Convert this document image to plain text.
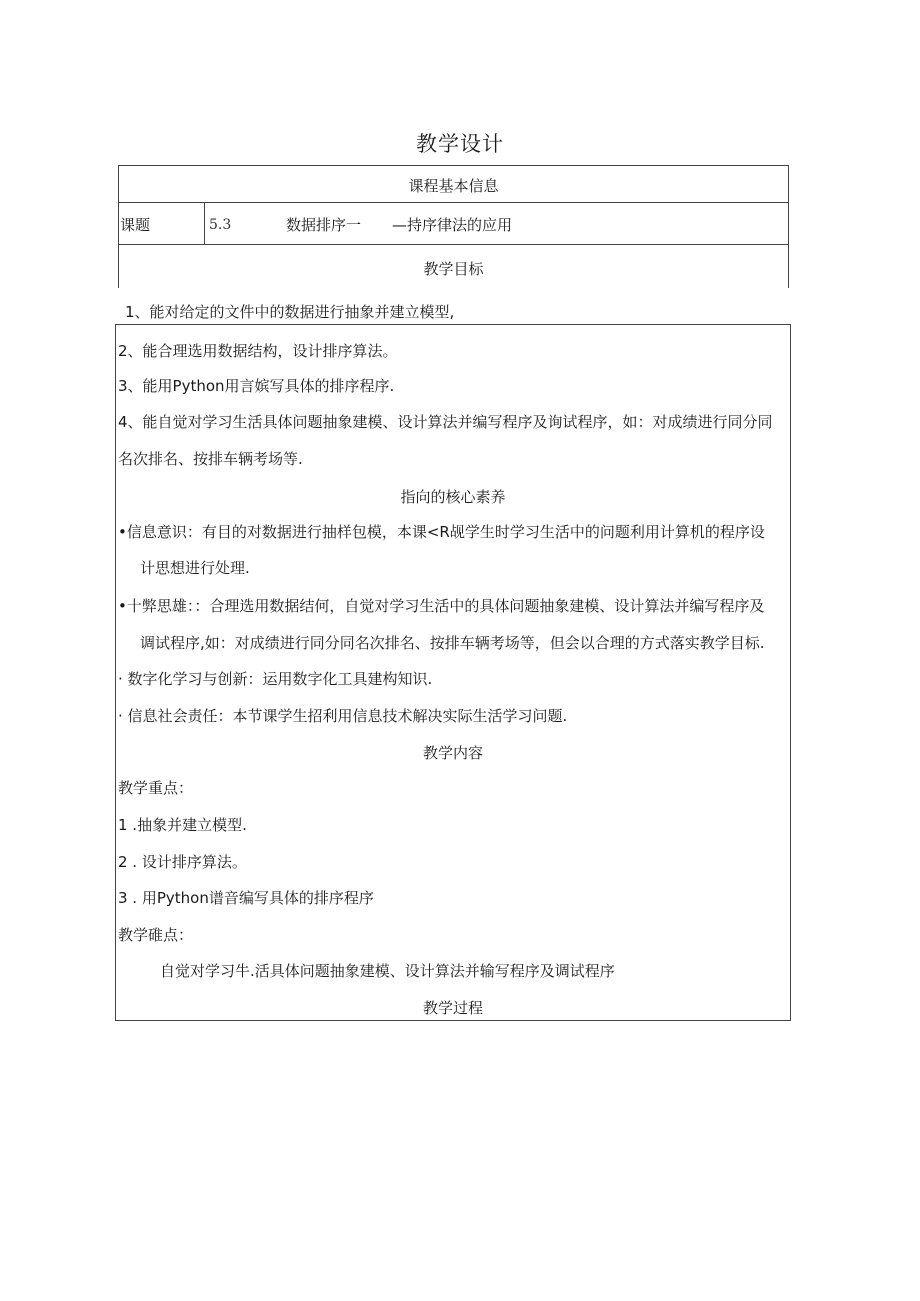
教学设计
课程基本信息
课题	5.3	数据排序一 —持序律法的应用
教学目标
1、能对给定的文件中的数据进行抽象并建立模型,
2、能合理选用数据结构，设计排序算法。
3、能用Python用言嫔写具体的排序程序.
4、能自觉对学习生活具体问题抽象建模、设计算法并编写程序及询试程序，如：对成绩进行同分同
名次排名、按排车辆考场等.
指向的核心素养
•信息意识：有目的对数据进行抽样包模，本课<R觇学生时学习生活中的问题利用计算机的程序设
计思想进行处理.
•十弊思雄：：合理选用数据结何，自觉对学习生活中的具体问题抽象建模、设计算法并编写程序及
调试程序,如：对成绩进行同分同名次排名、按排车辆考场等，但会以合理的方式落实教学目标.
· 数字化学习与创新：运用数字化工具建构知识.
· 信息社会责任：本节课学生招利用信息技术解决实际生活学习问题.
教学内容
教学重点：
1 .抽象并建立模型.
2 . 设计排序算法。
3 . 用Python谱音编写具体的排序程序
教学碓点：
自觉对学习牛.活具体问题抽象建模、设计算法并输写程序及调试程序
教学过程
